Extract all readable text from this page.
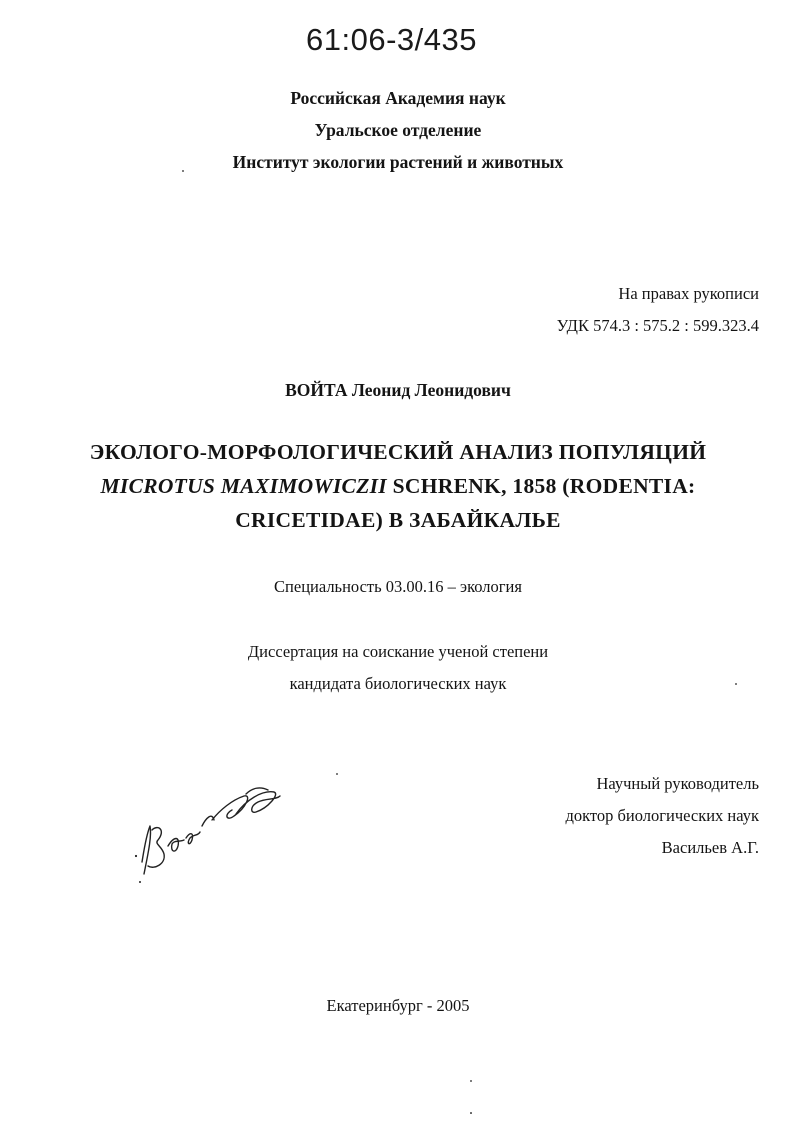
61:06-3/435
Российская Академия наук
Уральское отделение
Институт экологии растений и животных
На правах рукописи
УДК 574.3 : 575.2 : 599.323.4
ВОЙТА Леонид Леонидович
ЭКОЛОГО-МОРФОЛОГИЧЕСКИЙ АНАЛИЗ ПОПУЛЯЦИЙ
MICROTUS MAXIMOWICZII SCHRENK, 1858 (RODENTIA:
CRICETIDAE) В ЗАБАЙКАЛЬЕ
Специальность 03.00.16 – экология
Диссертация на соискание ученой степени
кандидата биологических наук
Научный руководитель
доктор биологических наук
Васильев А.Г.
Екатеринбург - 2005
